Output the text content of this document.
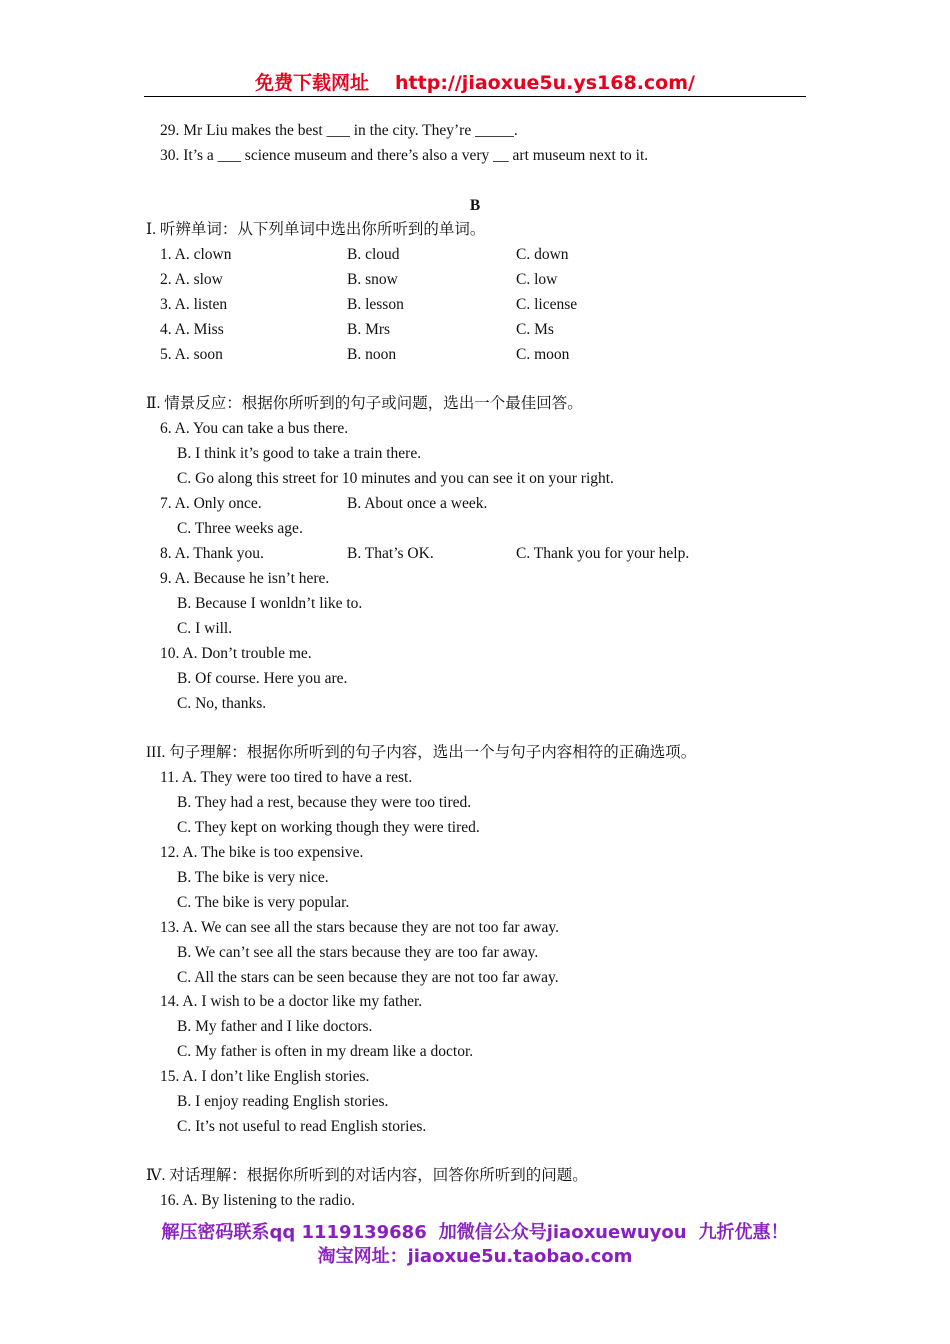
免费下载网址 http://jiaoxue5u.ys168.com/
29. Mr Liu makes the best ___ in the city. They’re _____.
30. It’s a ___ science museum and there’s also a very __ art museum next to it.
B
Ⅰ. 听辨单词：从下列单词中选出你所听到的单词。
1. A. clown	B. cloud	C. down
2. A. slow	B. snow	C. low
3. A. listen	B. lesson	C. license
4. A. Miss	B. Mrs	C. Ms
5. A. soon	B. noon	C. moon
Ⅱ. 情景反应：根据你所听到的句子或问题，选出一个最佳回答。
6. A. You can take a bus there.
B. I think it’s good to take a train there.
C. Go along this street for 10 minutes and you can see it on your right.
7. A. Only once.	B. About once a week.
C. Three weeks age.
8. A. Thank you.	B. That’s OK.	C. Thank you for your help.
9. A. Because he isn’t here.
B. Because I wonldn’t like to.
C. I will.
10. A. Don’t trouble me.
B. Of course. Here you are.
C. No, thanks.
III. 句子理解：根据你所听到的句子内容，选出一个与句子内容相符的正确选项。
11. A. They were too tired to have a rest.
B. They had a rest, because they were too tired.
C. They kept on working though they were tired.
12. A. The bike is too expensive.
B. The bike is very nice.
C. The bike is very popular.
13. A. We can see all the stars because they are not too far away.
B. We can’t see all the stars because they are too far away.
C. All the stars can be seen because they are not too far away.
14. A. I wish to be a doctor like my father.
B. My father and I like doctors.
C. My father is often in my dream like a doctor.
15. A. I don’t like English stories.
B. I enjoy reading English stories.
C. It’s not useful to read English stories.
Ⅳ. 对话理解：根据你所听到的对话内容，回答你所听到的问题。
16. A. By listening to the radio.
解压密码联系qq 1119139686 加微信公众号jiaoxuewuyou 九折优惠！
淘宝网址：jiaoxue5u.taobao.com
